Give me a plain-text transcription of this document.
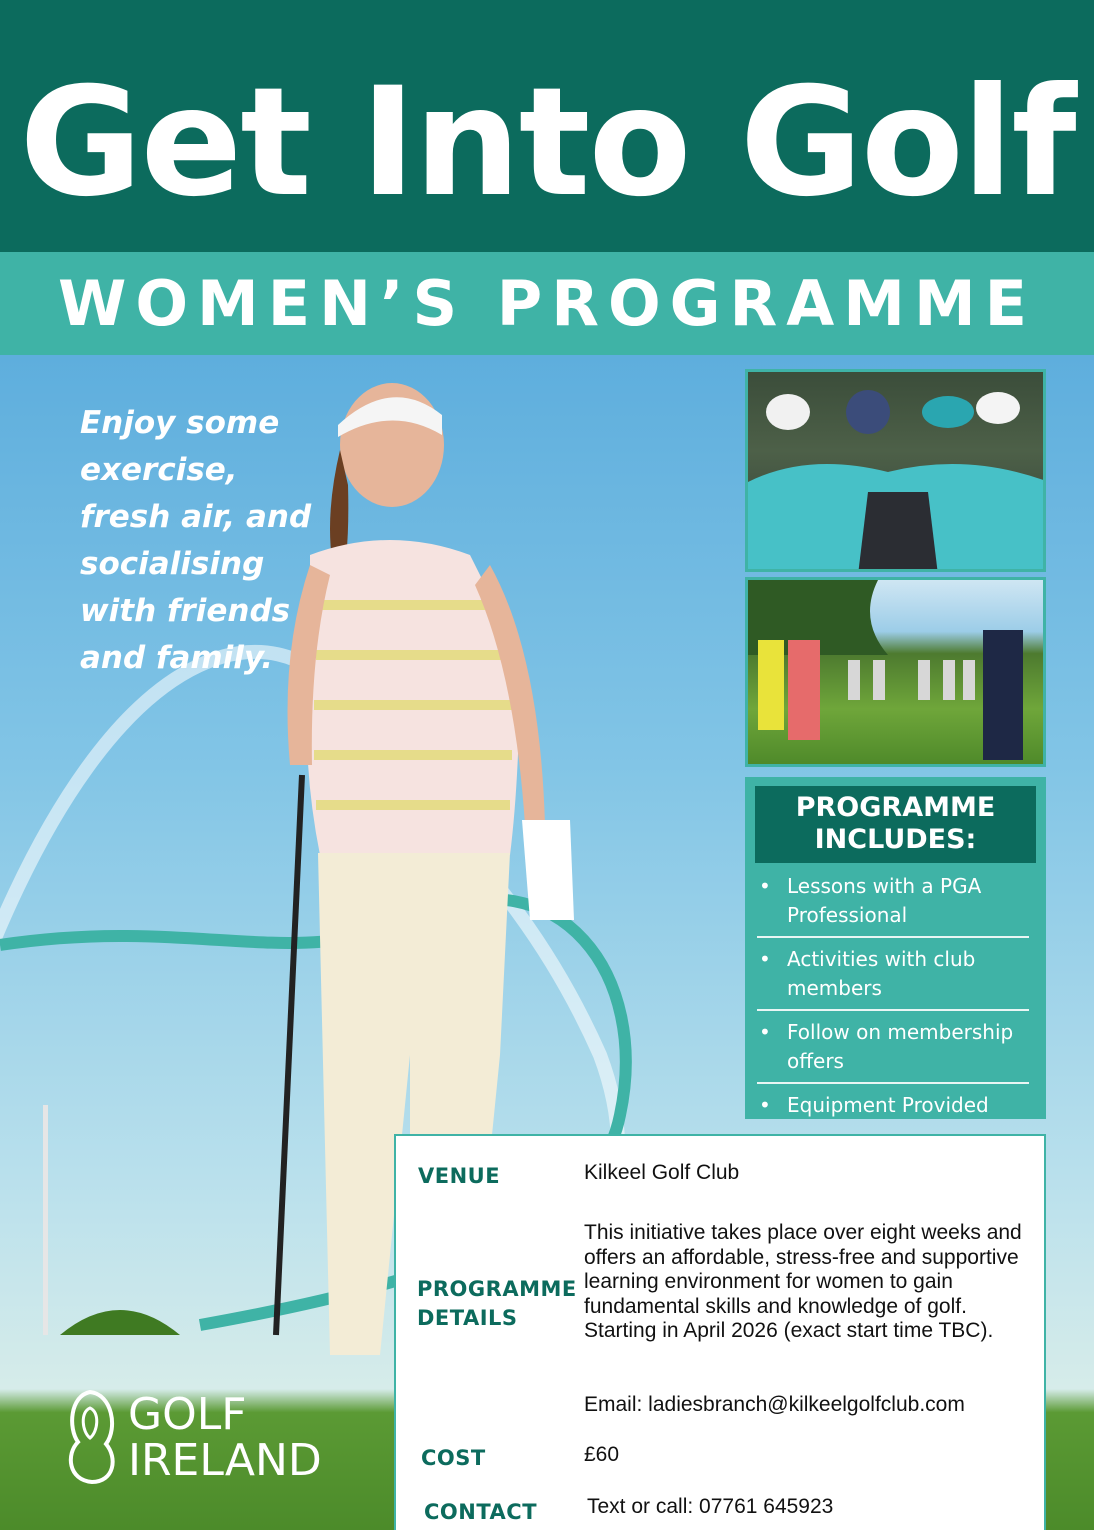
Get Into Golf
WOMEN’S PROGRAMME
Enjoy some exercise, fresh air, and socialising with friends and family.
PROGRAMME
INCLUDES:
• Lessons with a PGA Professional
• Activities with club members
• Follow on membership offers
• Equipment Provided
VENUE	Kilkeel Golf Club
PROGRAMME
DETAILS
This initiative takes place over eight weeks and offers an affordable, stress-free and supportive learning environment for women to gain fundamental skills and knowledge of golf. Starting in April 2026 (exact start time TBC).
Email: ladiesbranch@kilkeelgolfclub.com
COST	£60
CONTACT Text or call: 07761 645923
GOLF
IRELAND
